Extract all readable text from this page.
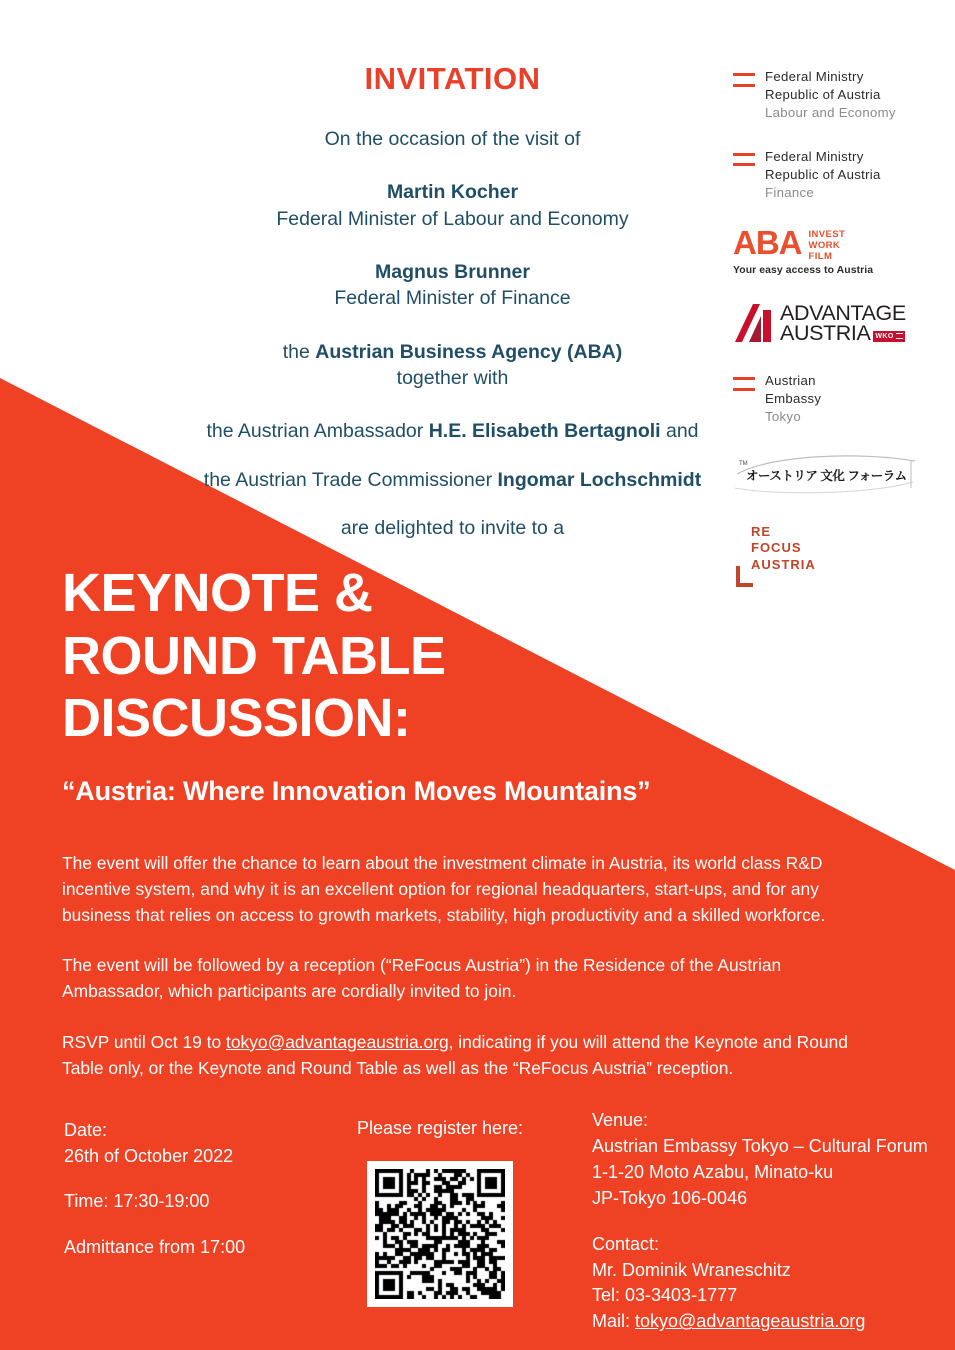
INVITATION

On the occasion of the visit of

Martin Kocher

Federal Minister of Labour and Economy

Magnus Brunner

Federal Minister of Finance

the Austrian Business Agency (ABA)

together with

the Austrian Ambassador H.E. Elisabeth Bertagnoli and

the Austrian Trade Commissioner Ingomar Lochschmidt

are delighted to invite to a

Federal Ministry
Republic of Austria
Labour and Economy
Federal Ministry
Republic of Austria
Finance
ABA INVEST
WORK
FILM
Your easy access to Austria
ADVANTAGE
AUSTRIA WKO
Austrian
Embassy
Tokyo
TM
オーストリア 文化 フォーラム
RE
FOCUS
AUSTRIA
KEYNOTE &
ROUND TABLE
DISCUSSION:
“Austria: Where Innovation Moves Mountains”

The event will offer the chance to learn about the investment climate in Austria, its world class R&D incentive system, and why it is an excellent option for regional headquarters, start-ups, and for any business that relies on access to growth markets, stability, high productivity and a skilled workforce.

The event will be followed by a reception (“ReFocus Austria”) in the Residence of the Austrian Ambassador, which participants are cordially invited to join.

RSVP until Oct 19 to tokyo@advantageaustria.org, indicating if you will attend the Keynote and Round Table only, or the Keynote and Round Table as well as the “ReFocus Austria” reception.

Date:

26th of October 2022

Time: 17:30-19:00

Admittance from 17:00

Please register here:	Venue:

Austrian Embassy Tokyo – Cultural Forum

1-1-20 Moto Azabu, Minato-ku

JP-Tokyo 106-0046

Contact:

Mr. Dominik Wraneschitz

Tel: 03-3403-1777

Mail: tokyo@advantageaustria.org
